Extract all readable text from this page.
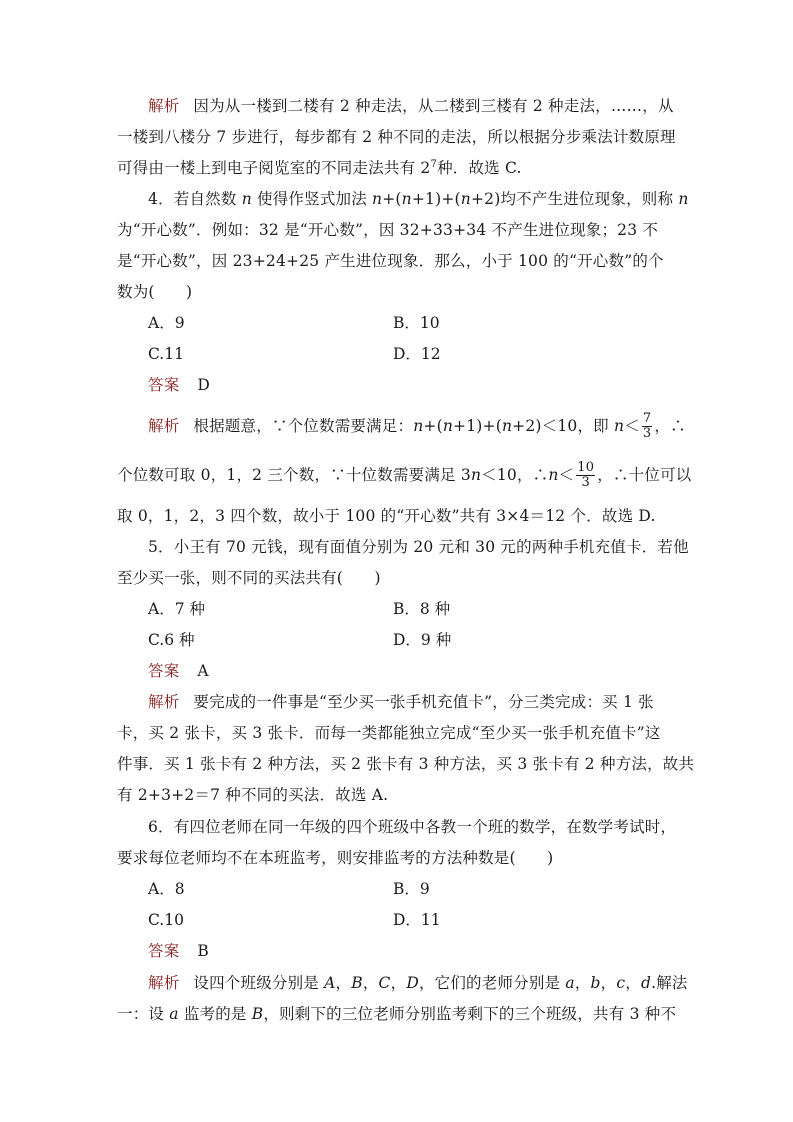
解析 因为从一楼到二楼有 2 种走法，从二楼到三楼有 2 种走法，……，从
一楼到八楼分 7 步进行，每步都有 2 种不同的走法，所以根据分步乘法计数原理
可得由一楼上到电子阅览室的不同走法共有 $2^7$种．故选 C.
4．若自然数 n 使得作竖式加法 n+(n+1)+(n+2)均不产生进位现象，则称 n
为“开心数”．例如：32 是“开心数”，因 32+33+34 不产生进位现象；23 不
是“开心数”，因 23+24+25 产生进位现象．那么，小于 100 的“开心数”的个
数为(　　)
A．9	B．10
C.11	D．12
答案 D
解析 根据题意，∵个位数需要满足：n+(n+1)+(n+2)＜10，即 $n< \frac{7}{3}$ ，∴
个位数可取 0，1，2 三个数，∵十位数需要满足 3n＜10，∴n＜ $\frac{10}{3}$ ，∴十位可以
取 0，1，2，3 四个数，故小于 100 的“开心数”共有 3×4＝12 个．故选 D.
5．小王有 70 元钱，现有面值分别为 20 元和 30 元的两种手机充值卡．若他
至少买一张，则不同的买法共有(　　)
A．7 种	B．8 种
C.6 种	D．9 种
答案 A
解析 要完成的一件事是“至少买一张手机充值卡”，分三类完成：买 1 张
卡，买 2 张卡，买 3 张卡．而每一类都能独立完成“至少买一张手机充值卡”这
件事．买 1 张卡有 2 种方法，买 2 张卡有 3 种方法，买 3 张卡有 2 种方法，故共
有 2+3+2＝7 种不同的买法．故选 A.
6．有四位老师在同一年级的四个班级中各教一个班的数学，在数学考试时，
要求每位老师均不在本班监考，则安排监考的方法种数是(　　)
A．8	B．9
C.10	D．11
答案 B
解析 设四个班级分别是 A，B，C，D，它们的老师分别是 a，b，c，d.解法
一：设 a 监考的是 B，则剩下的三位老师分别监考剩下的三个班级，共有 3 种不
